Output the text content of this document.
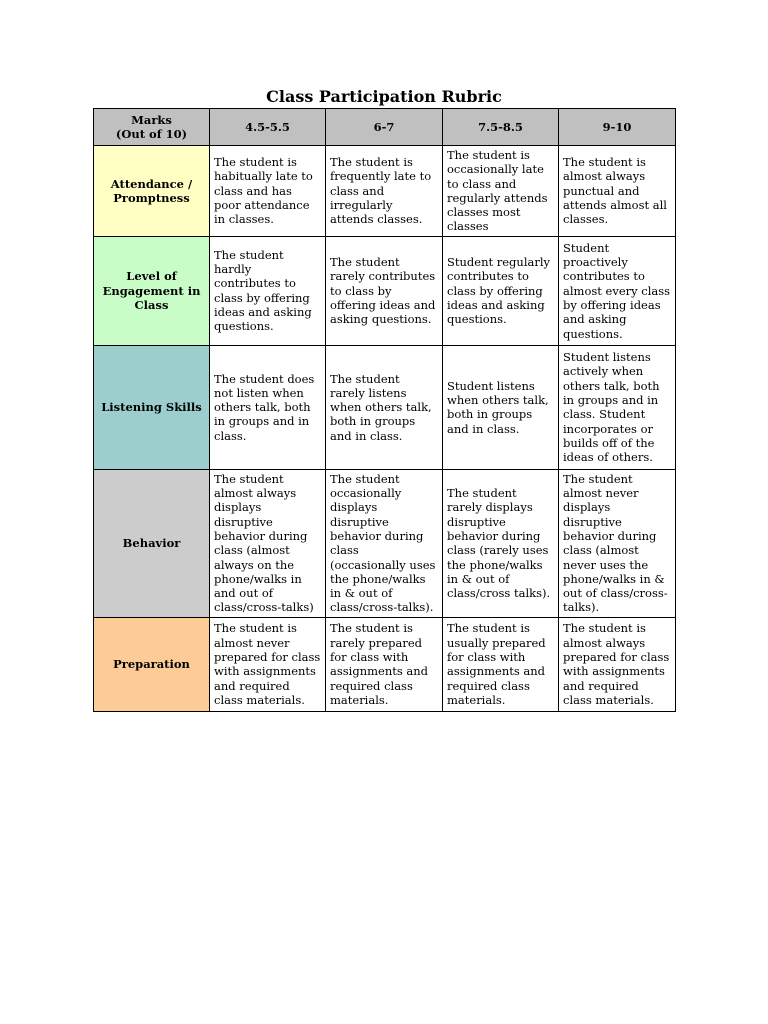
Class Participation Rubric
Marks
(Out of 10)	4.5-5.5	6-7	7.5-8.5	9-10
Attendance / Promptness	The student is habitually late to class and has poor attendance in classes.	The student is frequently late to class and irregularly attends classes.	The student is occasionally late to class and regularly attends classes most classes	The student is almost always punctual and attends almost all classes.
Level of Engagement in Class	The student hardly contributes to class by offering ideas and asking questions.	The student rarely contributes to class by offering ideas and asking questions.	Student regularly contributes to class by offering ideas and asking questions.	Student proactively contributes to almost every class by offering ideas and asking questions.
Listening Skills	The student does not listen when others talk, both in groups and in class.	The student rarely listens when others talk, both in groups and in class.	Student listens when others talk, both in groups and in class.	Student listens actively when others talk, both in groups and in class. Student incorporates or builds off of the ideas of others.
Behavior	The student almost always displays disruptive behavior during class (almost always on the phone/walks in and out of class/cross-talks)	The student occasionally displays disruptive behavior during class (occasionally uses the phone/walks in & out of class/cross-talks).	The student rarely displays disruptive behavior during class (rarely uses the phone/walks in & out of class/cross talks).	The student almost never displays disruptive behavior during class (almost never uses the phone/walks in & out of class/cross-talks).
Preparation	The student is almost never prepared for class with assignments and required class materials.	The student is rarely prepared for class with assignments and required class materials.	The student is usually prepared for class with assignments and required class materials.	The student is almost always prepared for class with assignments and required class materials.
